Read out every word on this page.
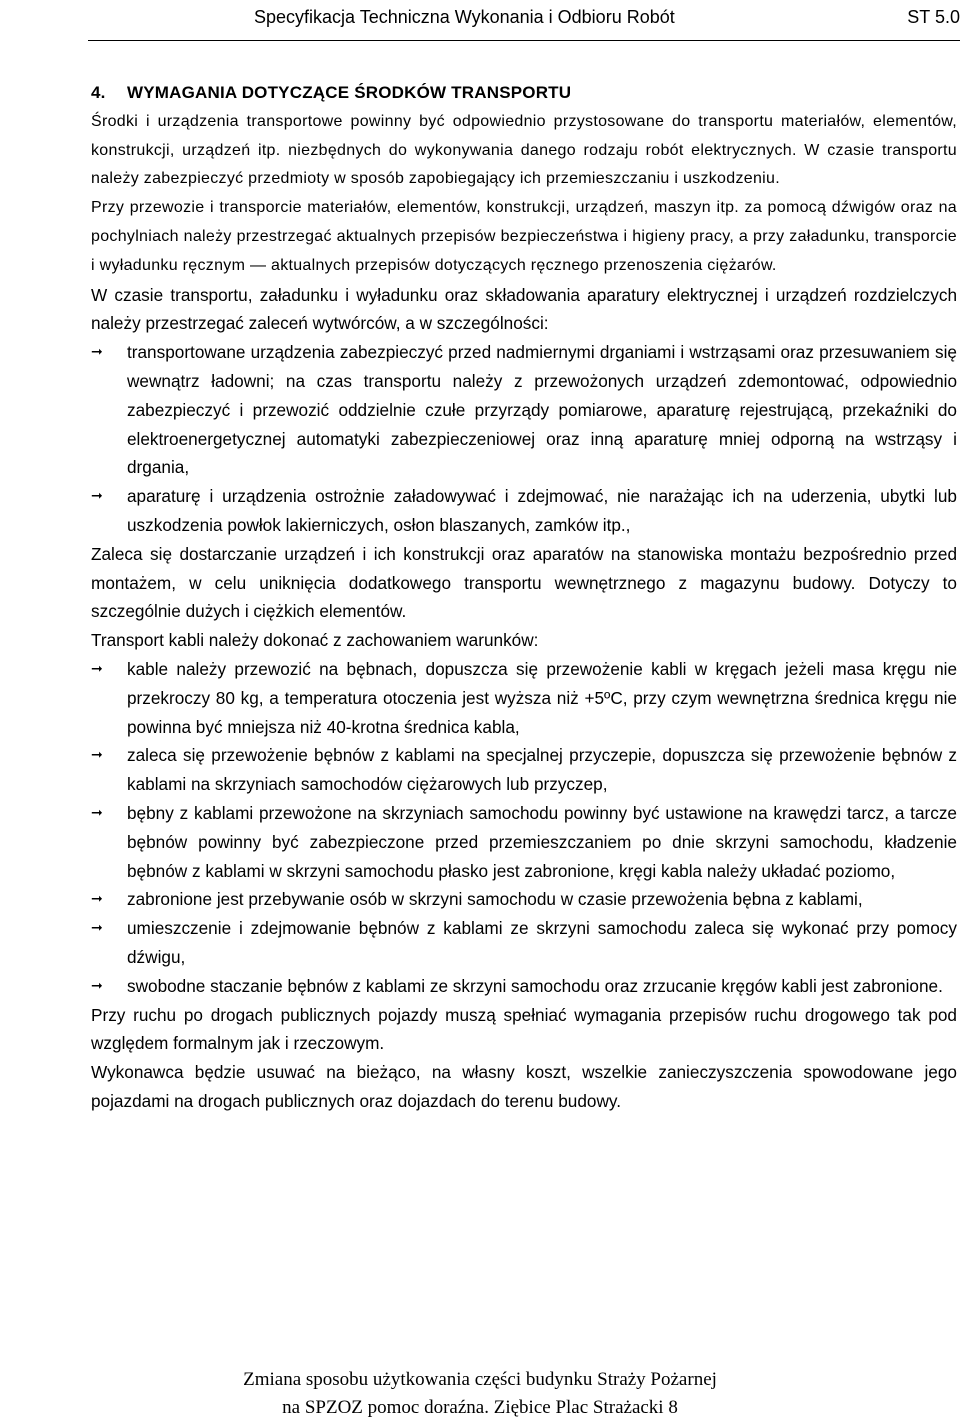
Specyfikacja Techniczna Wykonania i Odbioru Robót	ST 5.0

4. WYMAGANIA DOTYCZĄCE ŚRODKÓW TRANSPORTU

Środki i urządzenia transportowe powinny być odpowiednio przystosowane do transportu materiałów, elementów, konstrukcji, urządzeń itp. niezbędnych do wykonywania danego rodzaju robót elektrycznych. W czasie transportu należy zabezpieczyć przedmioty w sposób zapobiegający ich przemieszczaniu i uszkodzeniu.

Przy przewozie i transporcie materiałów, elementów, konstrukcji, urządzeń, maszyn itp. za pomocą dźwigów oraz na pochylniach należy przestrzegać aktualnych przepisów bezpieczeństwa i higieny pracy, a przy załadunku, transporcie i wyładunku ręcznym — aktualnych przepisów dotyczących ręcznego przenoszenia ciężarów.

W czasie transportu, załadunku i wyładunku oraz składowania aparatury elektrycznej i urządzeń rozdzielczych należy przestrzegać zaleceń wytwórców, a w szczególności:

➞	transportowane urządzenia zabezpieczyć przed nadmiernymi drganiami i wstrząsami oraz przesuwaniem się wewnątrz ładowni; na czas transportu należy z przewożonych urządzeń zdemontować, odpowiednio zabezpieczyć i przewozić oddzielnie czułe przyrządy pomiarowe, aparaturę rejestrującą, przekaźniki do elektroenergetycznej automatyki zabezpieczeniowej oraz inną aparaturę mniej odporną na wstrząsy i drgania,
➞	aparaturę i urządzenia ostrożnie załadowywać i zdejmować, nie narażając ich na uderzenia, ubytki lub uszkodzenia powłok lakierniczych, osłon blaszanych, zamków itp.,

Zaleca się dostarczanie urządzeń i ich konstrukcji oraz aparatów na stanowiska montażu bezpośrednio przed montażem, w celu uniknięcia dodatkowego transportu wewnętrznego z magazynu budowy. Dotyczy to szczególnie dużych i ciężkich elementów.

Transport kabli należy dokonać z zachowaniem warunków:

➞	kable należy przewozić na bębnach, dopuszcza się przewożenie kabli w kręgach jeżeli masa kręgu nie przekroczy 80 kg, a temperatura otoczenia jest wyższa niż +5ºC, przy czym wewnętrzna średnica kręgu nie powinna być mniejsza niż 40-krotna średnica kabla,
➞	zaleca się przewożenie bębnów z kablami na specjalnej przyczepie, dopuszcza się przewożenie bębnów z kablami na skrzyniach samochodów ciężarowych lub przyczep,
➞	bębny z kablami przewożone na skrzyniach samochodu powinny być ustawione na krawędzi tarcz, a tarcze bębnów powinny być zabezpieczone przed przemieszczaniem po dnie skrzyni samochodu, kładzenie bębnów z kablami w skrzyni samochodu płasko jest zabronione, kręgi kabla należy układać poziomo,
➞	zabronione jest przebywanie osób w skrzyni samochodu w czasie przewożenia bębna z kablami,
➞	umieszczenie i zdejmowanie bębnów z kablami ze skrzyni samochodu zaleca się wykonać przy pomocy dźwigu,
➞	swobodne staczanie bębnów z kablami ze skrzyni samochodu oraz zrzucanie kręgów kabli jest zabronione.

Przy ruchu po drogach publicznych pojazdy muszą spełniać wymagania przepisów ruchu drogowego tak pod względem formalnym jak i rzeczowym.

Wykonawca będzie usuwać na bieżąco, na własny koszt, wszelkie zanieczyszczenia spowodowane jego pojazdami na drogach publicznych oraz dojazdach do terenu budowy.

Zmiana sposobu użytkowania części budynku Straży Pożarnej
na SPZOZ pomoc doraźna. Ziębice Plac Strażacki 8
